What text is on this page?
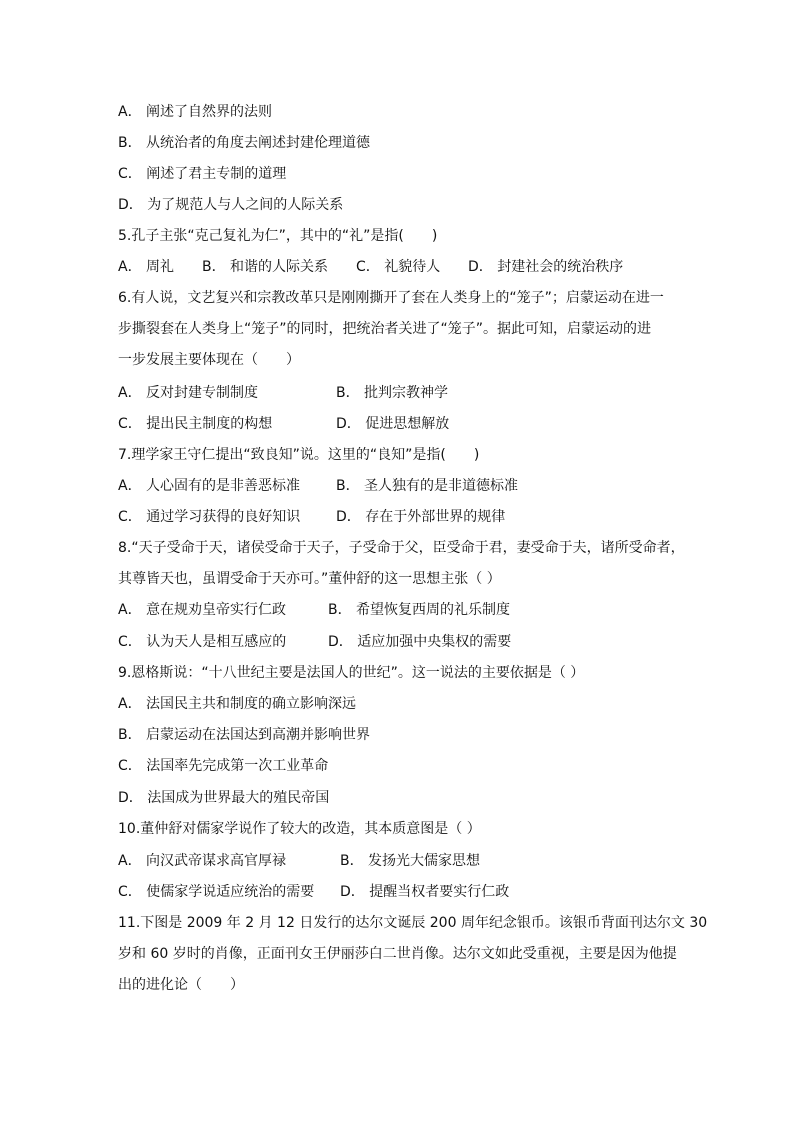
A． 阐述了自然界的法则
B． 从统治者的角度去阐述封建伦理道德
C． 阐述了君主专制的道理
D． 为了规范人与人之间的人际关系
5.孔子主张“克己复礼为仁”，其中的“礼”是指(　　)
A． 周礼 B． 和谐的人际关系 C． 礼貌待人 D． 封建社会的统治秩序
6.有人说，文艺复兴和宗教改革只是刚刚撕开了套在人类身上的“笼子”；启蒙运动在进一
步撕裂套在人类身上“笼子”的同时，把统治者关进了“笼子”。据此可知，启蒙运动的进
一步发展主要体现在（　　）
A． 反对封建专制制度	B． 批判宗教神学
C． 提出民主制度的构想	D． 促进思想解放
7.理学家王守仁提出“致良知”说。这里的“良知”是指(　　)
A． 人心固有的是非善恶标准	B． 圣人独有的是非道德标准
C． 通过学习获得的良好知识	D． 存在于外部世界的规律
8.“天子受命于天，诸侯受命于天子，子受命于父，臣受命于君，妻受命于夫，诸所受命者，
其尊皆天也，虽谓受命于天亦可。”董仲舒的这一思想主张（ ）
A． 意在规劝皇帝实行仁政	B． 希望恢复西周的礼乐制度
C． 认为天人是相互感应的	D． 适应加强中央集权的需要
9.恩格斯说：“十八世纪主要是法国人的世纪”。这一说法的主要依据是（ ）
A． 法国民主共和制度的确立影响深远
B． 启蒙运动在法国达到高潮并影响世界
C． 法国率先完成第一次工业革命
D． 法国成为世界最大的殖民帝国
10.董仲舒对儒家学说作了较大的改造，其本质意图是（ ）
A． 向汉武帝谋求高官厚禄	B． 发扬光大儒家思想
C． 使儒家学说适应统治的需要 D． 提醒当权者要实行仁政
11.下图是 2009 年 2 月 12 日发行的达尔文诞辰 200 周年纪念银币。该银币背面刊达尔文 30
岁和 60 岁时的肖像，正面刊女王伊丽莎白二世肖像。达尔文如此受重视，主要是因为他提
出的进化论（　　）
